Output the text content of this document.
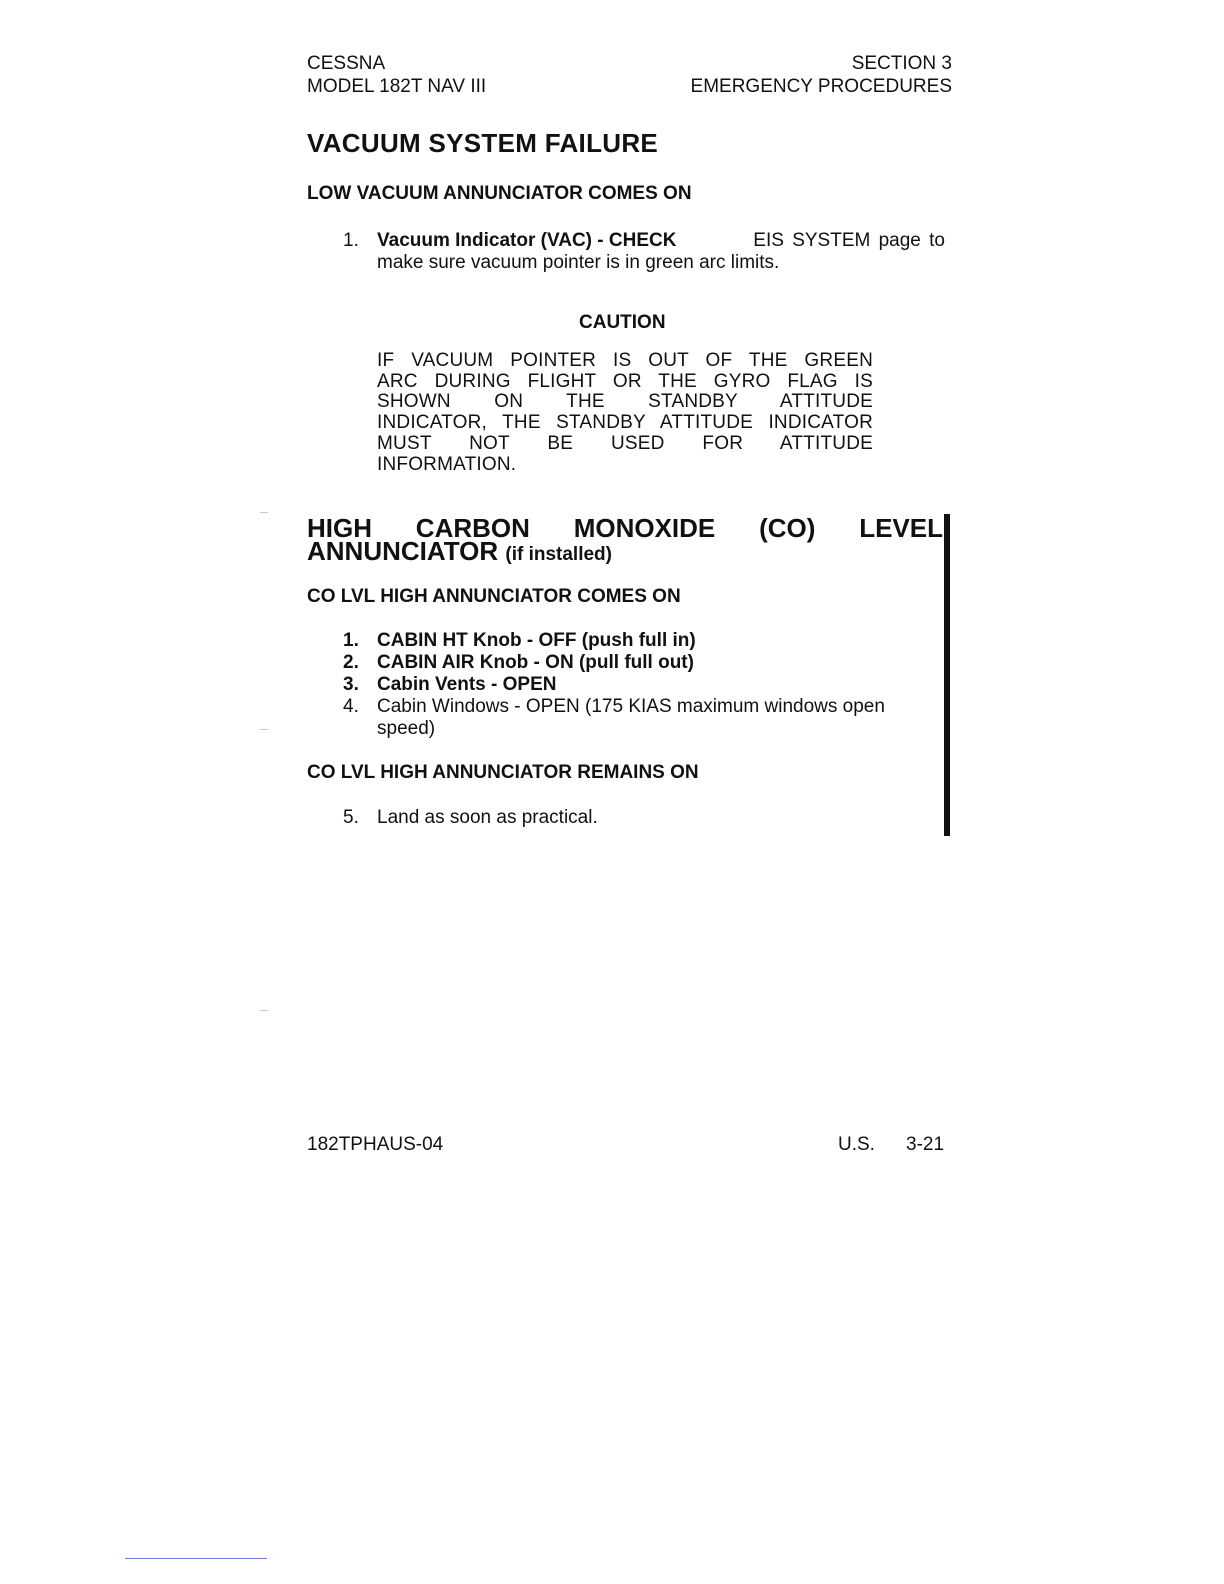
CESSNA
MODEL 182T NAV III
SECTION 3
EMERGENCY PROCEDURES
VACUUM SYSTEM FAILURE
LOW VACUUM ANNUNCIATOR COMES ON
1. Vacuum Indicator (VAC) - CHECK	EIS SYSTEM page to
make sure vacuum pointer is in green arc limits.
CAUTION
IF VACUUM POINTER IS OUT OF THE GREEN
ARC DURING FLIGHT OR THE GYRO FLAG IS
SHOWN ON THE STANDBY ATTITUDE
INDICATOR, THE STANDBY ATTITUDE INDICATOR
MUST NOT BE USED FOR ATTITUDE
INFORMATION.
HIGH CARBON MONOXIDE (CO) LEVEL
ANNUNCIATOR (if installed)
CO LVL HIGH ANNUNCIATOR COMES ON
1. CABIN HT Knob - OFF (push full in)
2. CABIN AIR Knob - ON (pull full out)
3. Cabin Vents - OPEN
4. Cabin Windows - OPEN (175 KIAS maximum windows open
speed)
CO LVL HIGH ANNUNCIATOR REMAINS ON
5. Land as soon as practical.
182TPHAUS-04	U.S. 3-21
